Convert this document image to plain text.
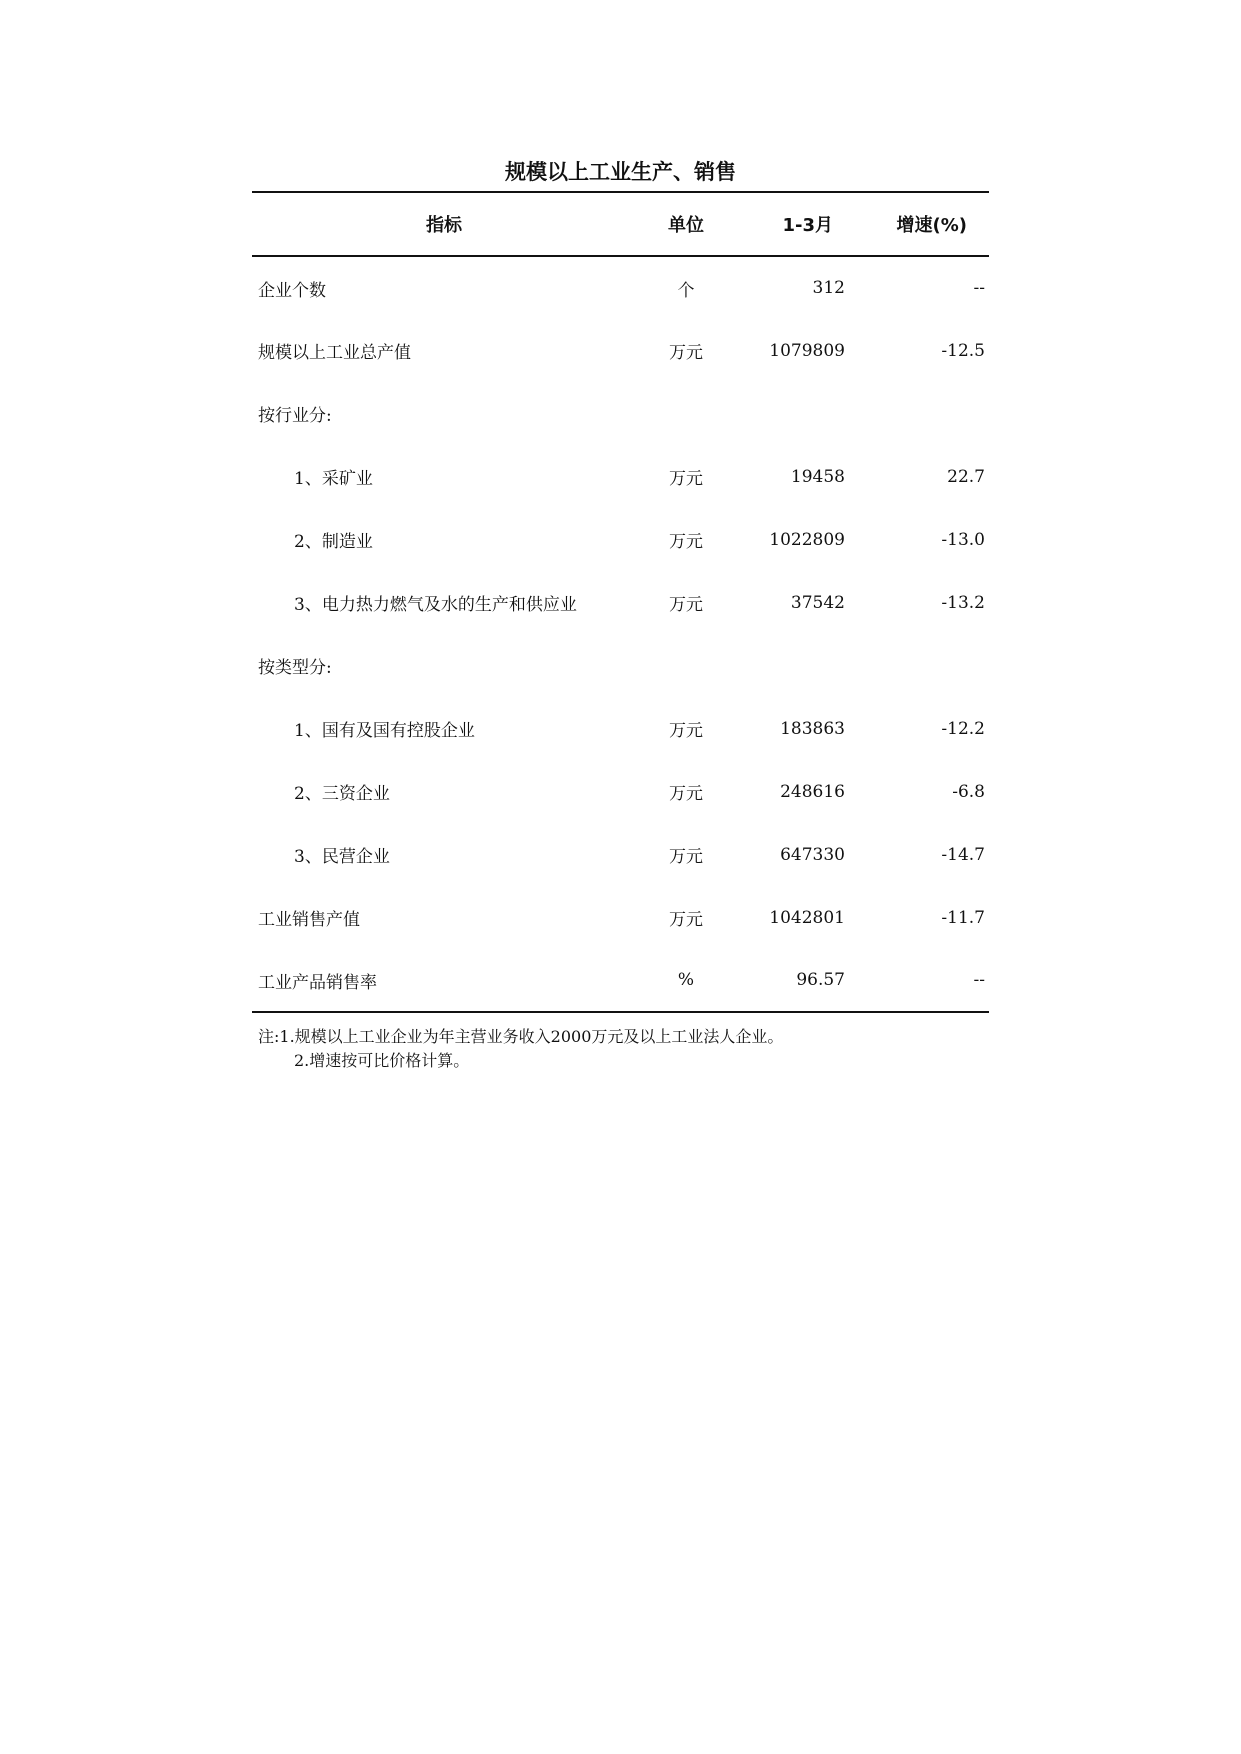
规模以上工业生产、销售
指标	单位	1-3月	增速(%)
企业个数	个	312	--
规模以上工业总产值	万元	1079809	-12.5
按行业分:			
1、采矿业	万元	19458	22.7
2、制造业	万元	1022809	-13.0
3、电力热力燃气及水的生产和供应业	万元	37542	-13.2
按类型分:			
1、国有及国有控股企业	万元	183863	-12.2
2、三资企业	万元	248616	-6.8
3、民营企业	万元	647330	-14.7
工业销售产值	万元	1042801	-11.7
工业产品销售率	%	96.57	--
注:1.规模以上工业企业为年主营业务收入2000万元及以上工业法人企业。
2.增速按可比价格计算。
